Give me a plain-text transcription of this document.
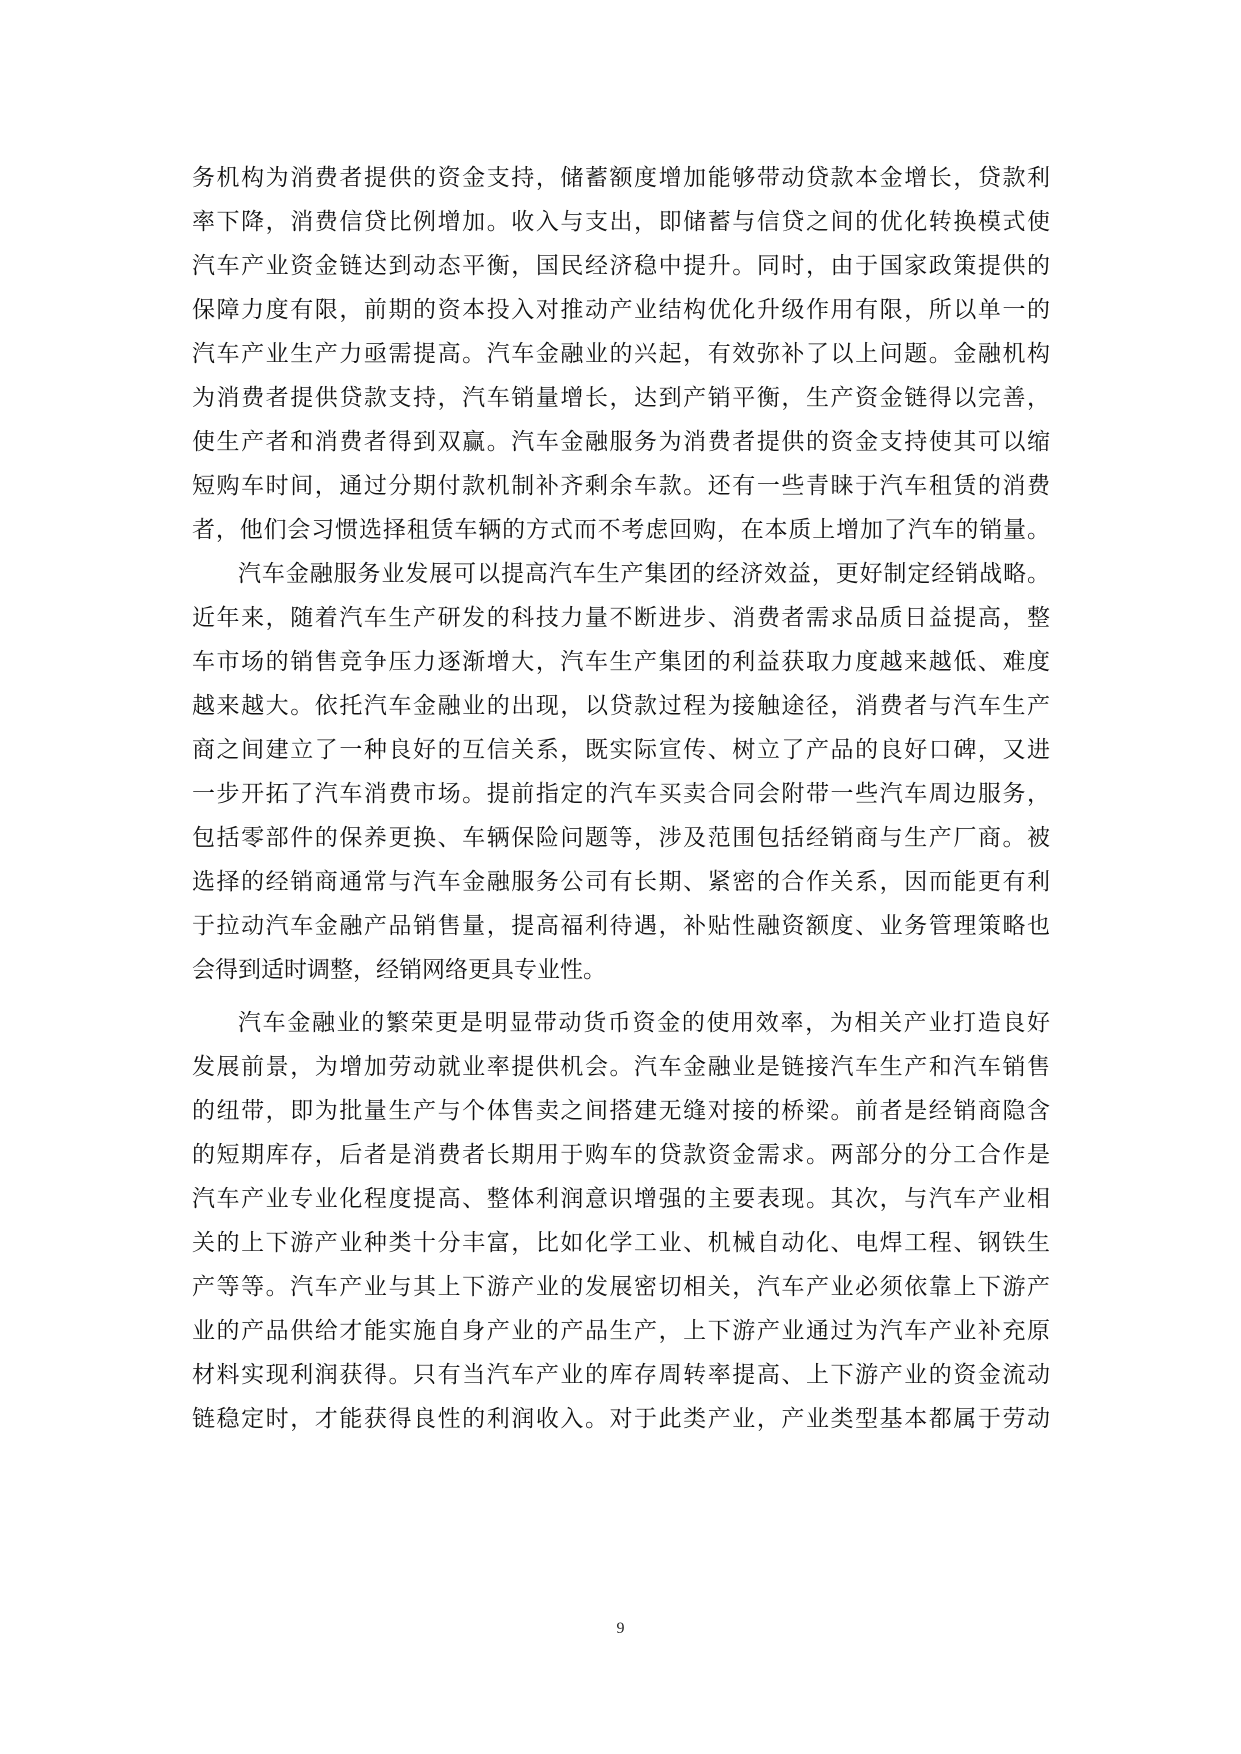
务机构为消费者提供的资金支持，储蓄额度增加能够带动贷款本金增长，贷款利
率下降，消费信贷比例增加。收入与支出，即储蓄与信贷之间的优化转换模式使
汽车产业资金链达到动态平衡，国民经济稳中提升。同时，由于国家政策提供的
保障力度有限，前期的资本投入对推动产业结构优化升级作用有限，所以单一的
汽车产业生产力亟需提高。汽车金融业的兴起，有效弥补了以上问题。金融机构
为消费者提供贷款支持，汽车销量增长，达到产销平衡，生产资金链得以完善，
使生产者和消费者得到双赢。汽车金融服务为消费者提供的资金支持使其可以缩
短购车时间，通过分期付款机制补齐剩余车款。还有一些青睐于汽车租赁的消费
者，他们会习惯选择租赁车辆的方式而不考虑回购，在本质上增加了汽车的销量。
汽车金融服务业发展可以提高汽车生产集团的经济效益，更好制定经销战略。
近年来，随着汽车生产研发的科技力量不断进步、消费者需求品质日益提高，整
车市场的销售竞争压力逐渐增大，汽车生产集团的利益获取力度越来越低、难度
越来越大。依托汽车金融业的出现，以贷款过程为接触途径，消费者与汽车生产
商之间建立了一种良好的互信关系，既实际宣传、树立了产品的良好口碑，又进
一步开拓了汽车消费市场。提前指定的汽车买卖合同会附带一些汽车周边服务，
包括零部件的保养更换、车辆保险问题等，涉及范围包括经销商与生产厂商。被
选择的经销商通常与汽车金融服务公司有长期、紧密的合作关系，因而能更有利
于拉动汽车金融产品销售量，提高福利待遇，补贴性融资额度、业务管理策略也
会得到适时调整，经销网络更具专业性。
汽车金融业的繁荣更是明显带动货币资金的使用效率，为相关产业打造良好
发展前景，为增加劳动就业率提供机会。汽车金融业是链接汽车生产和汽车销售
的纽带，即为批量生产与个体售卖之间搭建无缝对接的桥梁。前者是经销商隐含
的短期库存，后者是消费者长期用于购车的贷款资金需求。两部分的分工合作是
汽车产业专业化程度提高、整体利润意识增强的主要表现。其次，与汽车产业相
关的上下游产业种类十分丰富，比如化学工业、机械自动化、电焊工程、钢铁生
产等等。汽车产业与其上下游产业的发展密切相关，汽车产业必须依靠上下游产
业的产品供给才能实施自身产业的产品生产，上下游产业通过为汽车产业补充原
材料实现利润获得。只有当汽车产业的库存周转率提高、上下游产业的资金流动
链稳定时，才能获得良性的利润收入。对于此类产业，产业类型基本都属于劳动
9
